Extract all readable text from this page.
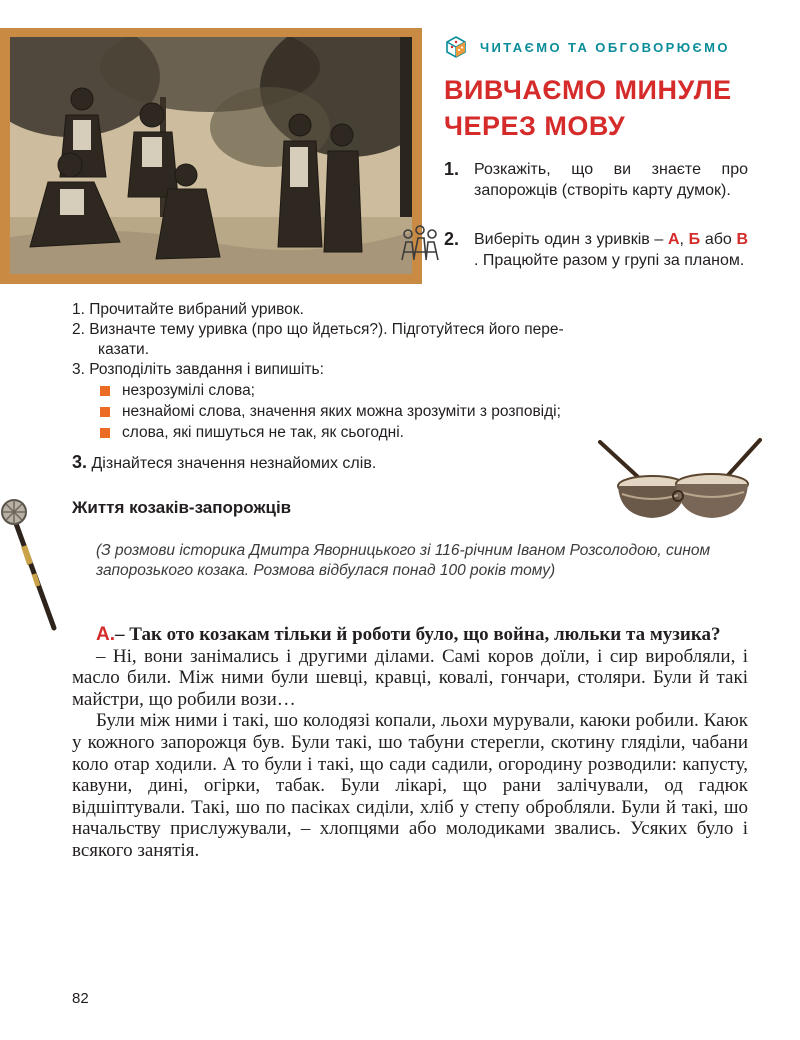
ЧИТАЄМО ТА ОБГОВОРЮЄМО
ВИВЧАЄМО МИНУЛЕ
ЧЕРЕЗ МОВУ
1. Розкажіть, що ви знаєте про запорожців (створіть карту думок).
2. Виберіть один з уривків – А, Б або В. Працюйте разом у групі за планом.
1. Прочитайте вибраний уривок.
2. Визначте тему уривка (про що йдеться?). Підготуйтеся його пере-
казати.
3. Розподіліть завдання і випишіть:
незрозумілі слова;
незнайомі слова, значення яких можна зрозуміти з розповіді;
слова, які пишуться не так, як сьогодні.
3. Дізнайтеся значення незнайомих слів.
Життя козаків-запорожців
(З розмови історика Дмитра Яворницького зі 116-річним Іваном Розсолодою, сином запорозького козака. Розмова відбулася понад 100 років тому)

А.– Так ото козакам тільки й роботи було, що война, люльки та музика?

– Ні, вони занімались і другими ділами. Самі коров доїли, і сир виробляли, і масло били. Між ними були шевці, кравці, ковалі, гончари, столяри. Були й такі майстри, що робили вози…

Були між ними і такі, шо колодязі копали, льохи мурували, каюки робили. Каюк у кожного запорожця був. Були такі, шо табуни стерегли, скотину гляділи, чабани коло отар ходили. А то були і такі, що сади садили, огородину розводили: капусту, кавуни, дині, огірки, табак. Були лікарі, що рани залічували, од гадюк відшіптували. Такі, шо по пасіках сиділи, хліб у степу обробляли. Були й такі, шо начальству прислужували, – хлопцями або молодиками звались. Усяких було і всякого занятія.

82
